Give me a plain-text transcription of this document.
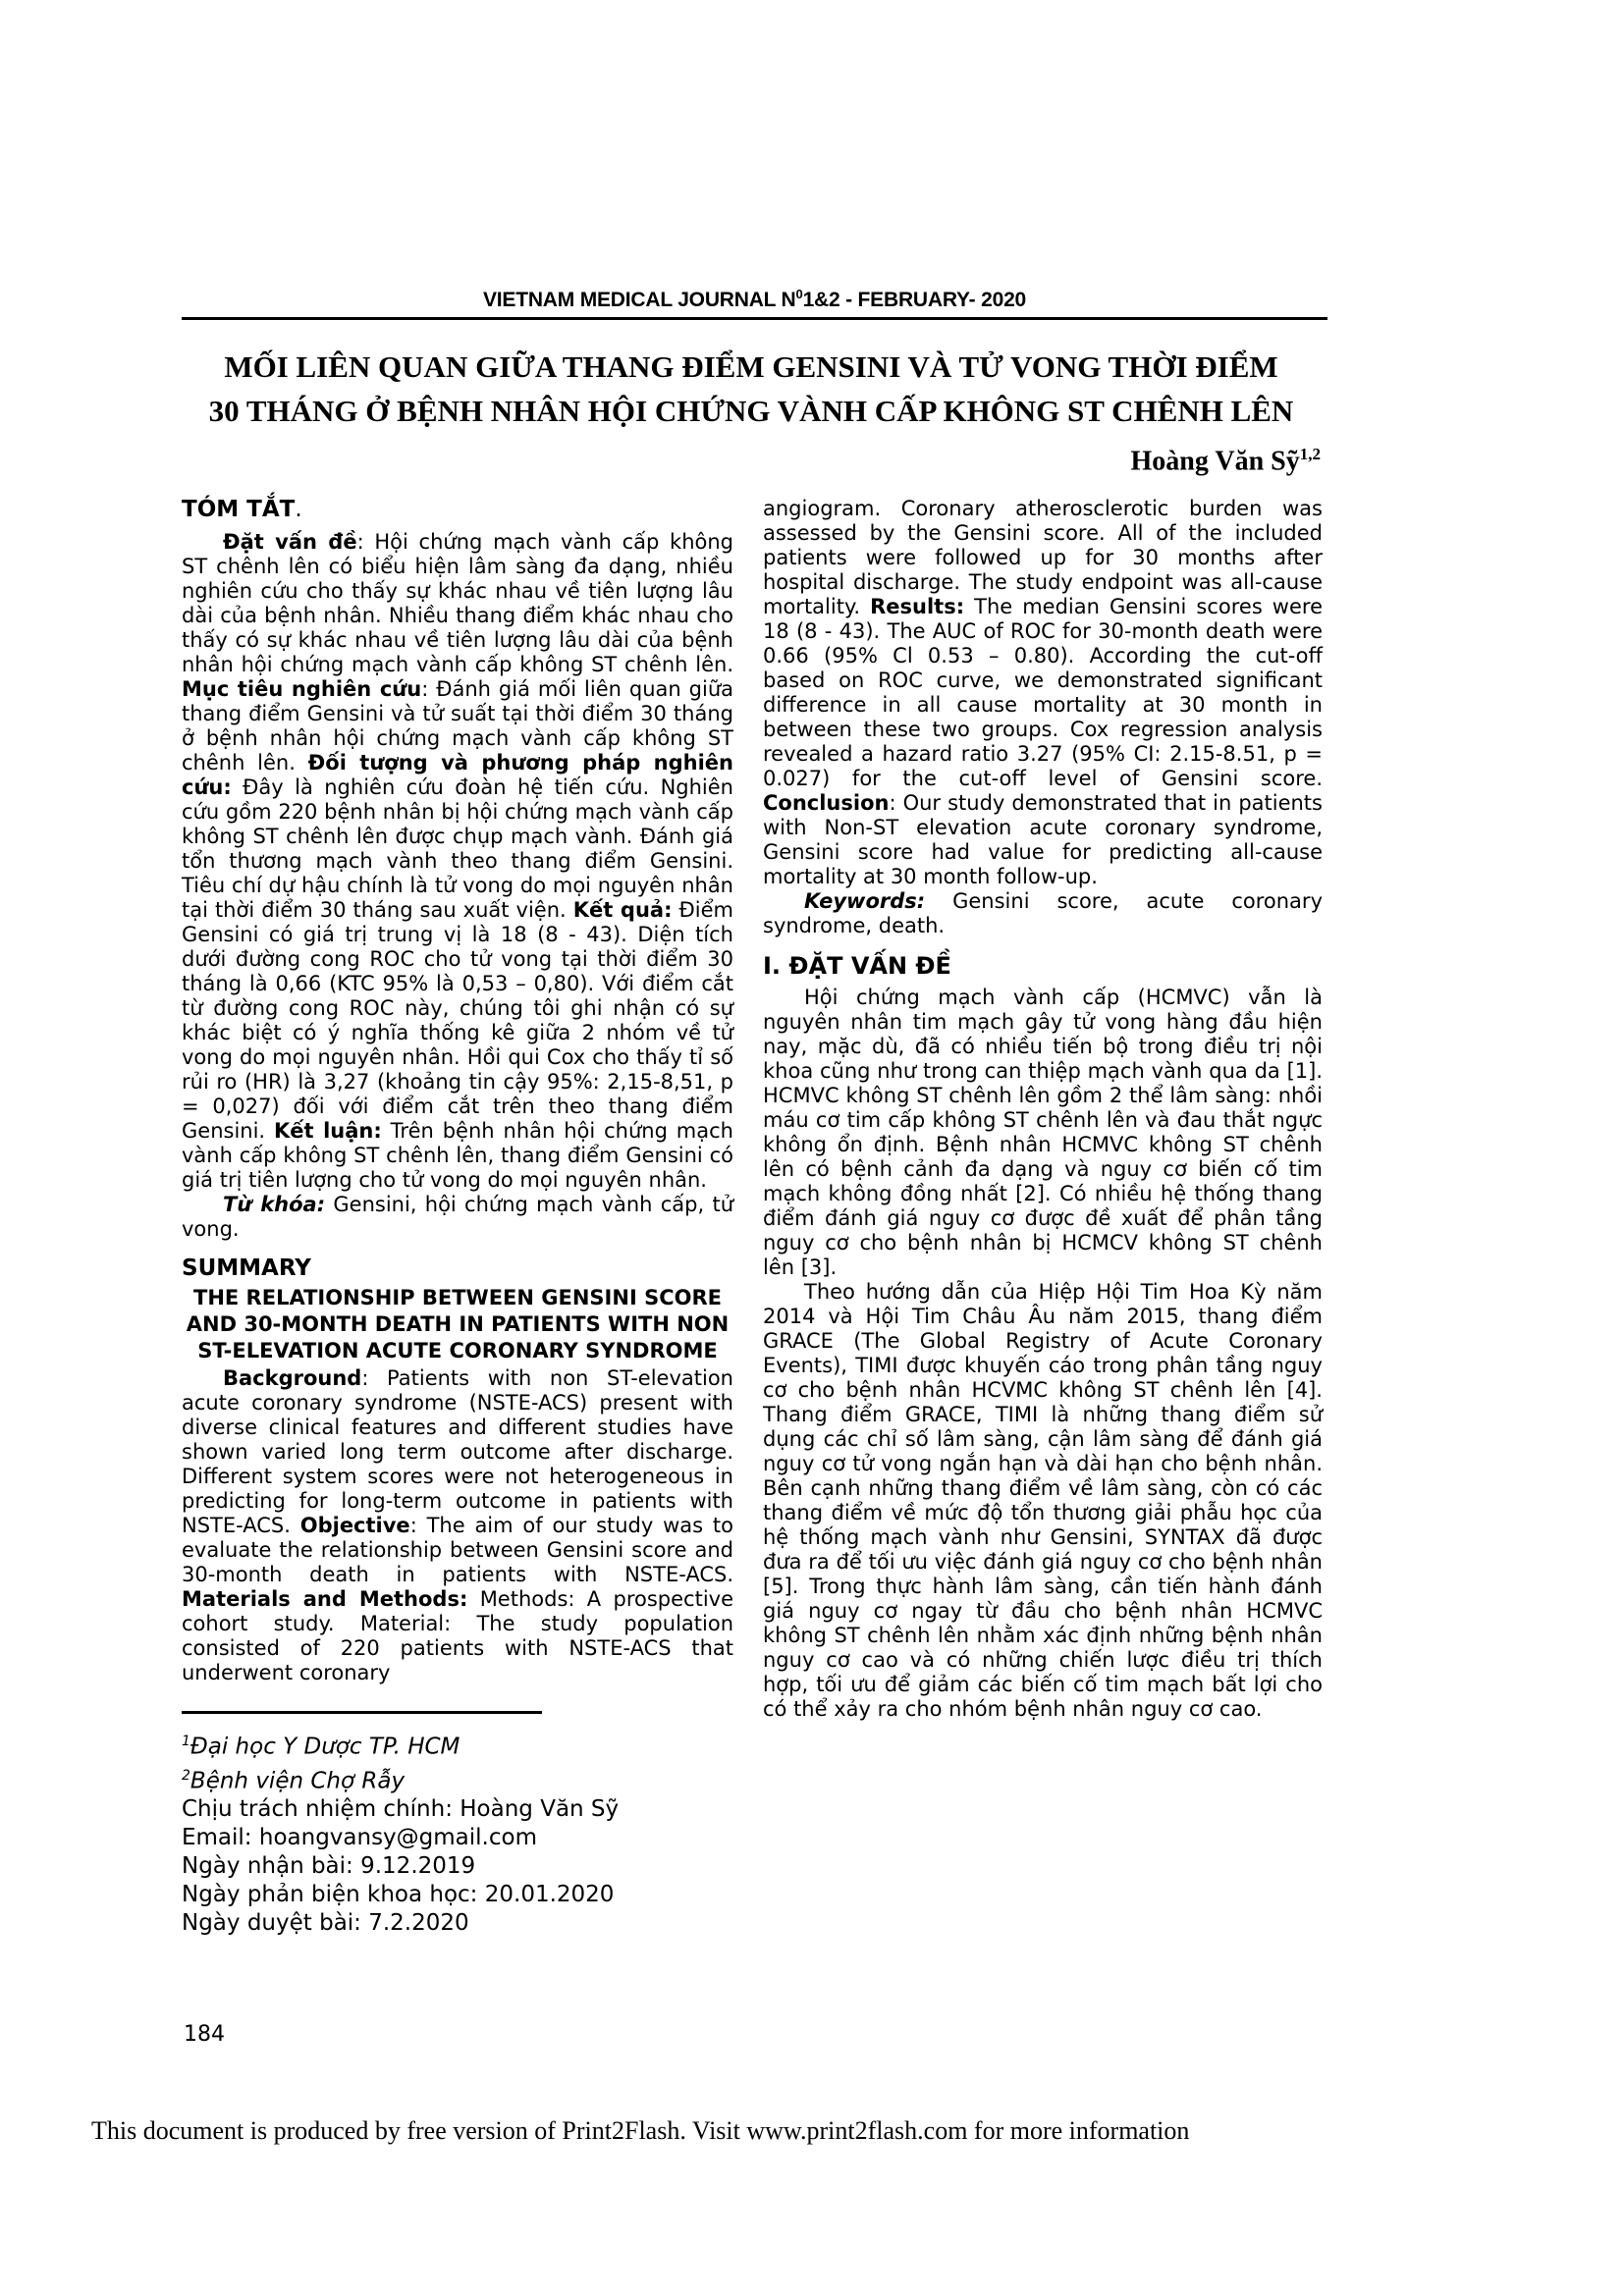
VIETNAM MEDICAL JOURNAL $N^01\&2$ - FEBRUARY- 2020
MỐI LIÊN QUAN GIỮA THANG ĐIỂM GENSINI VÀ TỬ VONG THỜI ĐIỂM
30 THÁNG Ở BỆNH NHÂN HỘI CHỨNG VÀNH CẤP KHÔNG ST CHÊNH LÊN
Hoàng Văn Sỹ$^{1,2}$
TÓM TẮT.

Đặt vấn đề: Hội chứng mạch vành cấp không ST chênh lên có biểu hiện lâm sàng đa dạng, nhiều nghiên cứu cho thấy sự khác nhau về tiên lượng lâu dài của bệnh nhân. Nhiều thang điểm khác nhau cho thấy có sự khác nhau về tiên lượng lâu dài của bệnh nhân hội chứng mạch vành cấp không ST chênh lên. Mục tiêu nghiên cứu: Đánh giá mối liên quan giữa thang điểm Gensini và tử suất tại thời điểm 30 tháng ở bệnh nhân hội chứng mạch vành cấp không ST chênh lên. Đối tượng và phương pháp nghiên cứu: Đây là nghiên cứu đoàn hệ tiến cứu. Nghiên cứu gồm 220 bệnh nhân bị hội chứng mạch vành cấp không ST chênh lên được chụp mạch vành. Đánh giá tổn thương mạch vành theo thang điểm Gensini. Tiêu chí dự hậu chính là tử vong do mọi nguyên nhân tại thời điểm 30 tháng sau xuất viện. Kết quả: Điểm Gensini có giá trị trung vị là 18 (8 - 43). Diện tích dưới đường cong ROC cho tử vong tại thời điểm 30 tháng là 0,66 (KTC 95% là 0,53 – 0,80). Với điểm cắt từ đường cong ROC này, chúng tôi ghi nhận có sự khác biệt có ý nghĩa thống kê giữa 2 nhóm về tử vong do mọi nguyên nhân. Hồi qui Cox cho thấy tỉ số rủi ro (HR) là 3,27 (khoảng tin cậy 95%: 2,15-8,51, p = 0,027) đối với điểm cắt trên theo thang điểm Gensini. Kết luận: Trên bệnh nhân hội chứng mạch vành cấp không ST chênh lên, thang điểm Gensini có giá trị tiên lượng cho tử vong do mọi nguyên nhân.

Từ khóa: Gensini, hội chứng mạch vành cấp, tử vong.

SUMMARY
THE RELATIONSHIP BETWEEN GENSINI SCORE AND 30-MONTH DEATH IN PATIENTS WITH NON ST-ELEVATION ACUTE CORONARY SYNDROME

Background: Patients with non ST-elevation acute coronary syndrome (NSTE-ACS) present with diverse clinical features and different studies have shown varied long term outcome after discharge. Different system scores were not heterogeneous in predicting for long-term outcome in patients with NSTE-ACS. Objective: The aim of our study was to evaluate the relationship between Gensini score and 30-month death in patients with NSTE-ACS. Materials and Methods: Methods: A prospective cohort study. Material: The study population consisted of 220 patients with NSTE-ACS that underwent coronary

$^1$Đại học Y Dược TP. HCM

$^2$Bệnh viện Chợ Rẫy

Chịu trách nhiệm chính: Hoàng Văn Sỹ

Email: hoangvansy@gmail.com

Ngày nhận bài: 9.12.2019

Ngày phản biện khoa học: 20.01.2020

Ngày duyệt bài: 7.2.2020

angiogram. Coronary atherosclerotic burden was assessed by the Gensini score. All of the included patients were followed up for 30 months after hospital discharge. The study endpoint was all-cause mortality. Results: The median Gensini scores were 18 (8 - 43). The AUC of ROC for 30-month death were 0.66 (95% Cl 0.53 – 0.80). According the cut-off based on ROC curve, we demonstrated significant difference in all cause mortality at 30 month in between these two groups. Cox regression analysis revealed a hazard ratio 3.27 (95% CI: 2.15-8.51, p = 0.027) for the cut-off level of Gensini score. Conclusion: Our study demonstrated that in patients with Non-ST elevation acute coronary syndrome, Gensini score had value for predicting all-cause mortality at 30 month follow-up.

Keywords: Gensini score, acute coronary syndrome, death.

I. ĐẶT VẤN ĐỀ

Hội chứng mạch vành cấp (HCMVC) vẫn là nguyên nhân tim mạch gây tử vong hàng đầu hiện nay, mặc dù, đã có nhiều tiến bộ trong điều trị nội khoa cũng như trong can thiệp mạch vành qua da [1]. HCMVC không ST chênh lên gồm 2 thể lâm sàng: nhồi máu cơ tim cấp không ST chênh lên và đau thắt ngực không ổn định. Bệnh nhân HCMVC không ST chênh lên có bệnh cảnh đa dạng và nguy cơ biến cố tim mạch không đồng nhất [2]. Có nhiều hệ thống thang điểm đánh giá nguy cơ được đề xuất để phân tầng nguy cơ cho bệnh nhân bị HCMCV không ST chênh lên [3].

Theo hướng dẫn của Hiệp Hội Tim Hoa Kỳ năm 2014 và Hội Tim Châu Âu năm 2015, thang điểm GRACE (The Global Registry of Acute Coronary Events), TIMI được khuyến cáo trong phân tầng nguy cơ cho bệnh nhân HCVMC không ST chênh lên [4]. Thang điểm GRACE, TIMI là những thang điểm sử dụng các chỉ số lâm sàng, cận lâm sàng để đánh giá nguy cơ tử vong ngắn hạn và dài hạn cho bệnh nhân. Bên cạnh những thang điểm về lâm sàng, còn có các thang điểm về mức độ tổn thương giải phẫu học của hệ thống mạch vành như Gensini, SYNTAX đã được đưa ra để tối ưu việc đánh giá nguy cơ cho bệnh nhân [5]. Trong thực hành lâm sàng, cần tiến hành đánh giá nguy cơ ngay từ đầu cho bệnh nhân HCMVC không ST chênh lên nhằm xác định những bệnh nhân nguy cơ cao và có những chiến lược điều trị thích hợp, tối ưu để giảm các biến cố tim mạch bất lợi cho có thể xảy ra cho nhóm bệnh nhân nguy cơ cao.

184
This document is produced by free version of Print2Flash. Visit www.print2flash.com for more information
